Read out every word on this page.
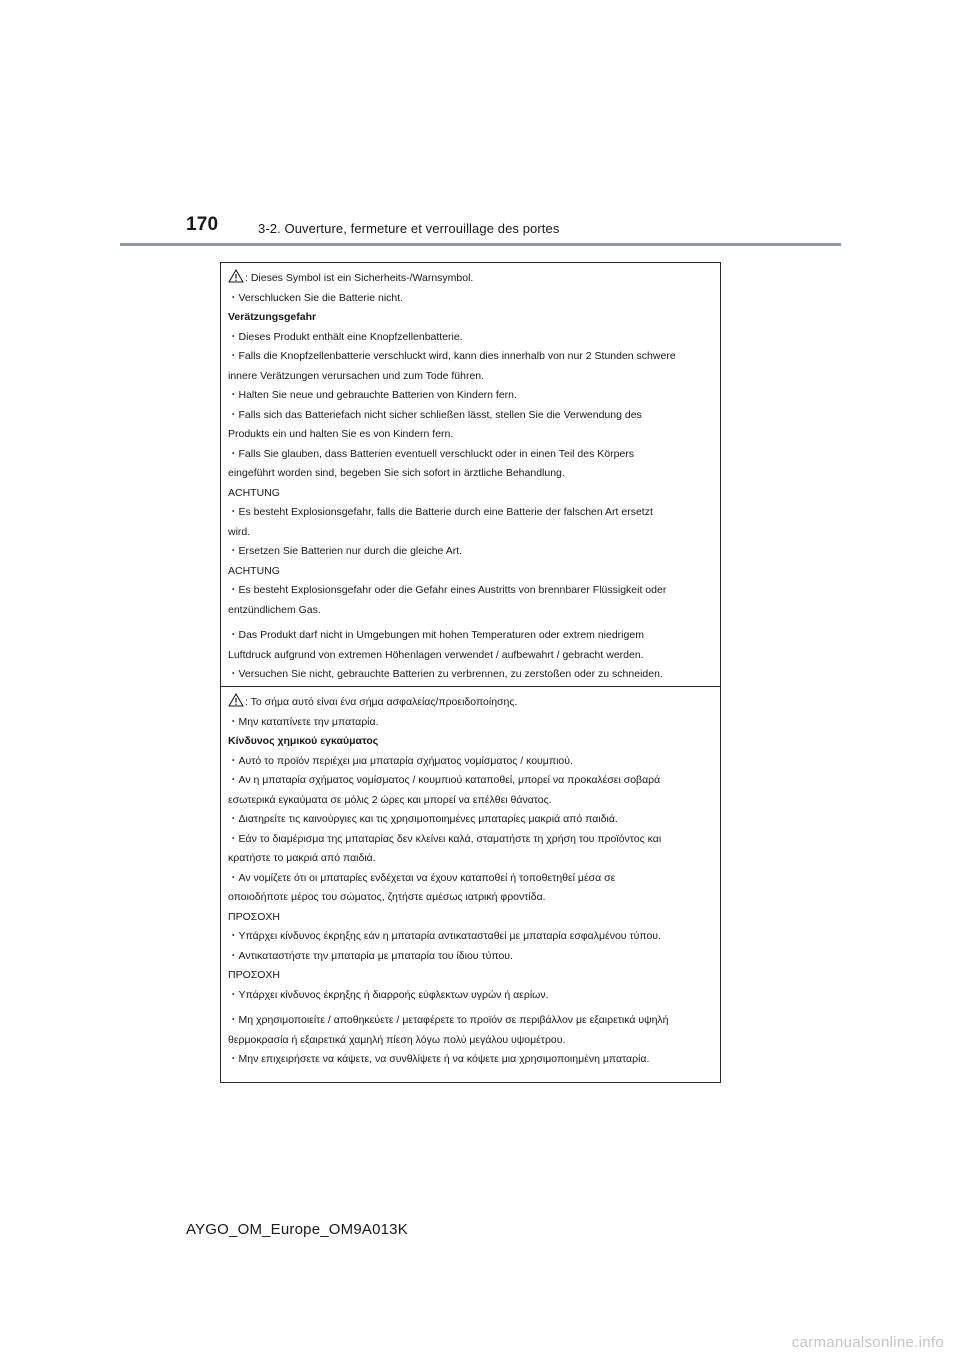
170	3-2. Ouverture, fermeture et verrouillage des portes
: Dieses Symbol ist ein Sicherheits-/Warnsymbol.
・Verschlucken Sie die Batterie nicht.
Verätzungsgefahr
・Dieses Produkt enthält eine Knopfzellenbatterie.
・Falls die Knopfzellenbatterie verschluckt wird, kann dies innerhalb von nur 2 Stunden schwere
innere Verätzungen verursachen und zum Tode führen.
・Halten Sie neue und gebrauchte Batterien von Kindern fern.
・Falls sich das Batteriefach nicht sicher schließen lässt, stellen Sie die Verwendung des
Produkts ein und halten Sie es von Kindern fern.
・Falls Sie glauben, dass Batterien eventuell verschluckt oder in einen Teil des Körpers
eingeführt worden sind, begeben Sie sich sofort in ärztliche Behandlung.
ACHTUNG
・Es besteht Explosionsgefahr, falls die Batterie durch eine Batterie der falschen Art ersetzt
wird.
・Ersetzen Sie Batterien nur durch die gleiche Art.
ACHTUNG
・Es besteht Explosionsgefahr oder die Gefahr eines Austritts von brennbarer Flüssigkeit oder
entzündlichem Gas.
・Das Produkt darf nicht in Umgebungen mit hohen Temperaturen oder extrem niedrigem
Luftdruck aufgrund von extremen Höhenlagen verwendet / aufbewahrt / gebracht werden.
・Versuchen Sie nicht, gebrauchte Batterien zu verbrennen, zu zerstoßen oder zu schneiden.
: Το σήμα αυτό είναι ένα σήμα ασφαλείας/προειδοποίησης.
・Μην καταπίνετε την μπαταρία.
Κίνδυνος χημικού εγκαύματος
・Αυτό το προϊόν περιέχει μια μπαταρία σχήματος νομίσματος / κουμπιού.
・Αν η μπαταρία σχήματος νομίσματος / κουμπιού καταποθεί, μπορεί να προκαλέσει σοβαρά
εσωτερικά εγκαύματα σε μόλις 2 ώρες και μπορεί να επέλθει θάνατος.
・Διατηρείτε τις καινούργιες και τις χρησιμοποιημένες μπαταρίες μακριά από παιδιά.
・Εάν το διαμέρισμα της μπαταρίας δεν κλείνει καλά, σταματήστε τη χρήση του προϊόντος και
κρατήστε το μακριά από παιδιά.
・Αν νομίζετε ότι οι μπαταρίες ενδέχεται να έχουν καταποθεί ή τοποθετηθεί μέσα σε
οποιοδήποτε μέρος του σώματος, ζητήστε αμέσως ιατρική φροντίδα.
ΠΡΟΣΟΧΗ
・Υπάρχει κίνδυνος έκρηξης εάν η μπαταρία αντικατασταθεί με μπαταρία εσφαλμένου τύπου.
・Αντικαταστήστε την μπαταρία με μπαταρία του ίδιου τύπου.
ΠΡΟΣΟΧΗ
・Υπάρχει κίνδυνος έκρηξης ή διαρροής εύφλεκτων υγρών ή αερίων.
・Μη χρησιμοποιείτε / αποθηκεύετε / μεταφέρετε το προϊόν σε περιβάλλον με εξαιρετικά υψηλή
θερμοκρασία ή εξαιρετικά χαμηλή πίεση λόγω πολύ μεγάλου υψομέτρου.
・Μην επιχειρήσετε να κάψετε, να συνθλίψετε ή να κόψετε μια χρησιμοποιημένη μπαταρία.
AYGO_OM_Europe_OM9A013K
carmanualsonline.info
